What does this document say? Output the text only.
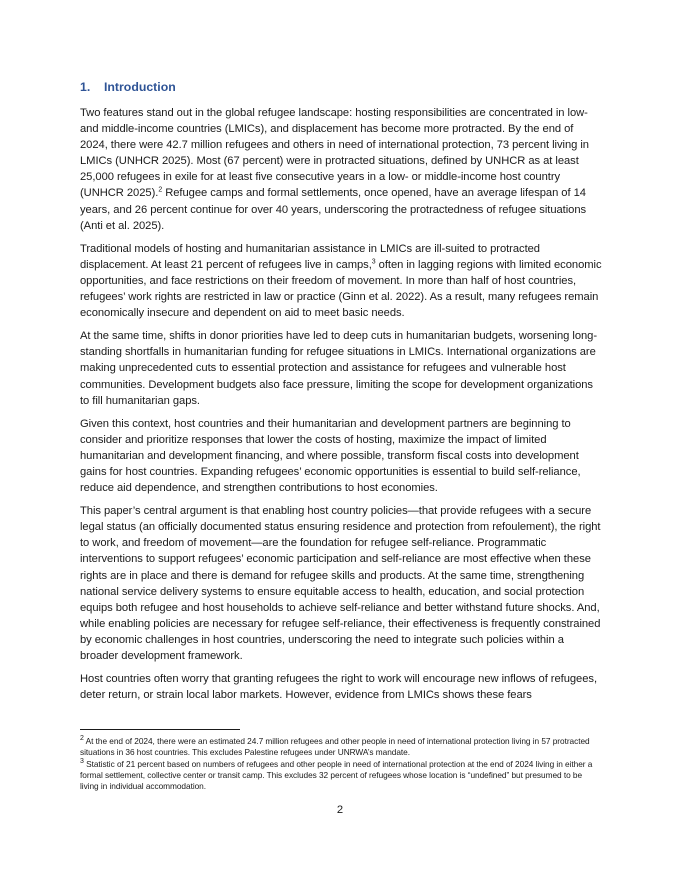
1. Introduction

Two features stand out in the global refugee landscape: hosting responsibilities are concentrated in low- and middle-income countries (LMICs), and displacement has become more protracted. By the end of 2024, there were 42.7 million refugees and others in need of international protection, 73 percent living in LMICs (UNHCR 2025). Most (67 percent) were in protracted situations, defined by UNHCR as at least 25,000 refugees in exile for at least five consecutive years in a low- or middle-income host country (UNHCR 2025).$^2$ Refugee camps and formal settlements, once opened, have an average lifespan of 14 years, and 26 percent continue for over 40 years, underscoring the protractedness of refugee situations (Anti et al. 2025).

Traditional models of hosting and humanitarian assistance in LMICs are ill-suited to protracted displacement. At least 21 percent of refugees live in camps,$^3$ often in lagging regions with limited economic opportunities, and face restrictions on their freedom of movement. In more than half of host countries, refugees’ work rights are restricted in law or practice (Ginn et al. 2022). As a result, many refugees remain economically insecure and dependent on aid to meet basic needs.

At the same time, shifts in donor priorities have led to deep cuts in humanitarian budgets, worsening long-standing shortfalls in humanitarian funding for refugee situations in LMICs. International organizations are making unprecedented cuts to essential protection and assistance for refugees and vulnerable host communities. Development budgets also face pressure, limiting the scope for development organizations to fill humanitarian gaps.

Given this context, host countries and their humanitarian and development partners are beginning to consider and prioritize responses that lower the costs of hosting, maximize the impact of limited humanitarian and development financing, and where possible, transform fiscal costs into development gains for host countries. Expanding refugees’ economic opportunities is essential to build self-reliance, reduce aid dependence, and strengthen contributions to host economies.

This paper’s central argument is that enabling host country policies—that provide refugees with a secure legal status (an officially documented status ensuring residence and protection from refoulement), the right to work, and freedom of movement—are the foundation for refugee self-reliance. Programmatic interventions to support refugees’ economic participation and self-reliance are most effective when these rights are in place and there is demand for refugee skills and products. At the same time, strengthening national service delivery systems to ensure equitable access to health, education, and social protection equips both refugee and host households to achieve self-reliance and better withstand future shocks. And, while enabling policies are necessary for refugee self-reliance, their effectiveness is frequently constrained by economic challenges in host countries, underscoring the need to integrate such policies within a broader development framework.

Host countries often worry that granting refugees the right to work will encourage new inflows of refugees, deter return, or strain local labor markets. However, evidence from LMICs shows these fears

$^2$ At the end of 2024, there were an estimated 24.7 million refugees and other people in need of international protection living in 57 protracted situations in 36 host countries. This excludes Palestine refugees under UNRWA’s mandate.

$^3$ Statistic of 21 percent based on numbers of refugees and other people in need of international protection at the end of 2024 living in either a formal settlement, collective center or transit camp. This excludes 32 percent of refugees whose location is “undefined” but presumed to be living in individual accommodation.

2
